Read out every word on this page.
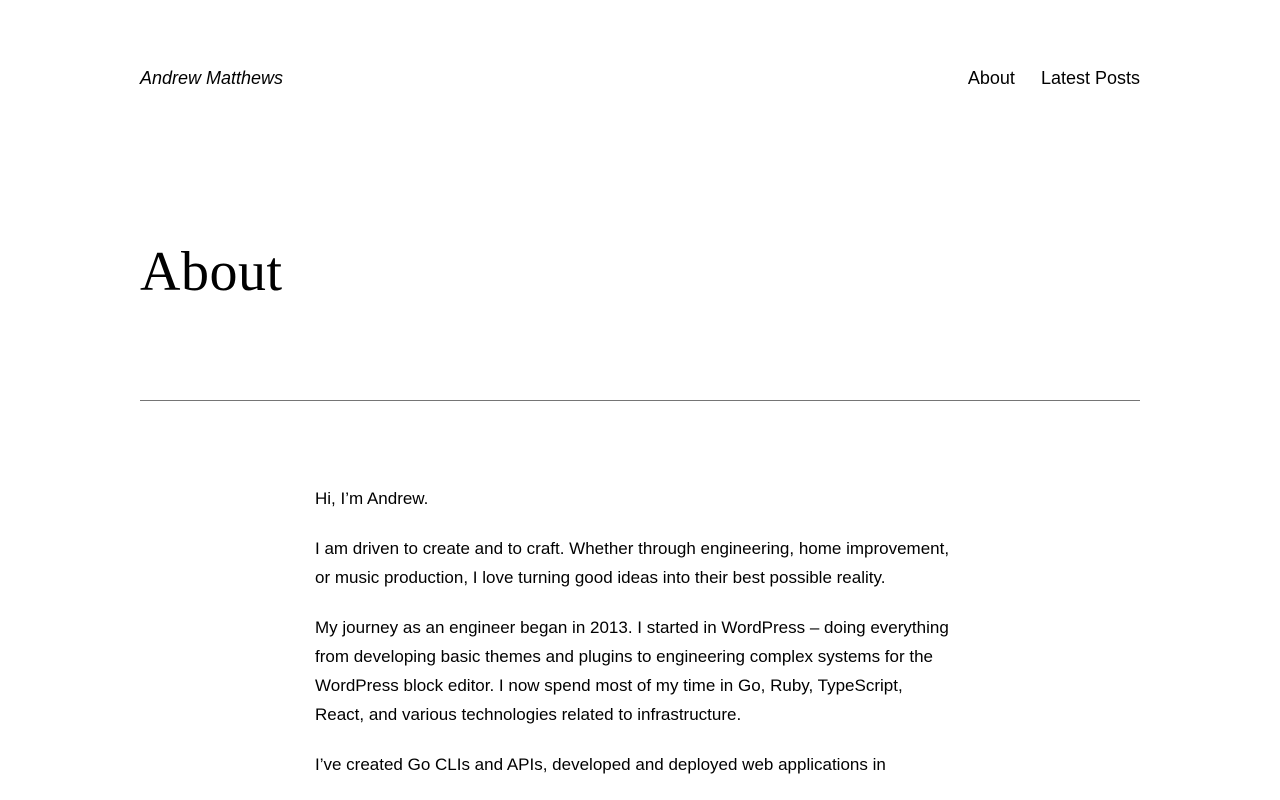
Andrew Matthews	About Latest Posts
About

Hi, I’m Andrew.

I am driven to create and to craft. Whether through engineering, home improvement, or music production, I love turning good ideas into their best possible reality.

My journey as an engineer began in 2013. I started in WordPress – doing everything from developing basic themes and plugins to engineering complex systems for the WordPress block editor. I now spend most of my time in Go, Ruby, TypeScript, React, and various technologies related to infrastructure.

I’ve created Go CLIs and APIs, developed and deployed web applications in
